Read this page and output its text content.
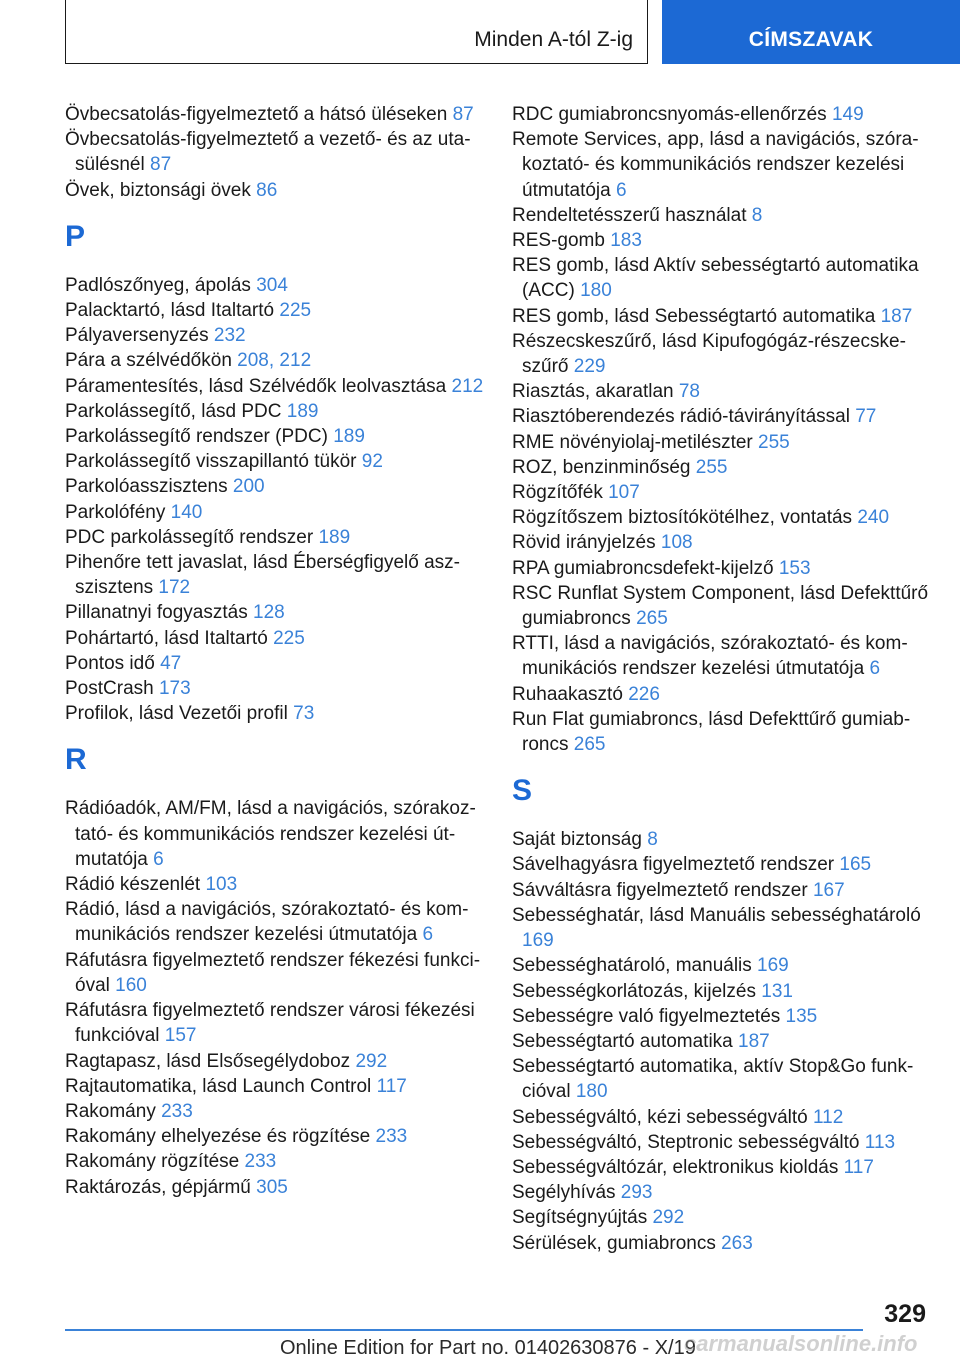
Minden A-tól Z-ig	CÍMSZAVAK
Övbecsatolás-figyelmeztető a hátsó üléseken 87
Övbecsatolás-figyelmeztető a vezető- és az utasülésnél 87
Övek, biztonsági övek 86
P
Padlószőnyeg, ápolás 304
Palacktartó, lásd Italtartó 225
Pályaversenyzés 232
Pára a szélvédőkön 208, 212
Páramentesítés, lásd Szélvédők leolvasztása 212
Parkolássegítő, lásd PDC 189
Parkolássegítő rendszer (PDC) 189
Parkolássegítő visszapillantó tükör 92
Parkolóasszisztens 200
Parkolófény 140
PDC parkolássegítő rendszer 189
Pihenőre tett javaslat, lásd Éberségfigyelő aszszisztens 172
Pillanatnyi fogyasztás 128
Pohártartó, lásd Italtartó 225
Pontos idő 47
PostCrash 173
Profilok, lásd Vezetői profil 73
R
Rádióadók, AM/FM, lásd a navigációs, szórakoztató- és kommunikációs rendszer kezelési útmutatója 6
Rádió készenlét 103
Rádió, lásd a navigációs, szórakoztató- és kommunikációs rendszer kezelési útmutatója 6
Ráfutásra figyelmeztető rendszer fékezési funkcióval 160
Ráfutásra figyelmeztető rendszer városi fékezési funkcióval 157
Ragtapasz, lásd Elsősegélydoboz 292
Rajtautomatika, lásd Launch Control 117
Rakomány 233
Rakomány elhelyezése és rögzítése 233
Rakomány rögzítése 233
Raktározás, gépjármű 305
RDC gumiabroncsnyomás-ellenőrzés 149
Remote Services, app, lásd a navigációs, szórakoztató- és kommunikációs rendszer kezelési útmutatója 6
Rendeltetésszerű használat 8
RES-gomb 183
RES gomb, lásd Aktív sebességtartó automatika (ACC) 180
RES gomb, lásd Sebességtartó automatika 187
Részecskeszűrő, lásd Kipufogógáz-részecskeszűrő 229
Riasztás, akaratlan 78
Riasztóberendezés rádió-távirányítással 77
RME növényiolaj-metilészter 255
ROZ, benzinminőség 255
Rögzítőfék 107
Rögzítőszem biztosítókötélhez, vontatás 240
Rövid irányjelzés 108
RPA gumiabroncsdefekt-kijelző 153
RSC Runflat System Component, lásd Defekttűrő gumiabroncs 265
RTTI, lásd a navigációs, szórakoztató- és kommunikációs rendszer kezelési útmutatója 6
Ruhaakasztó 226
Run Flat gumiabroncs, lásd Defekttűrő gumiabroncs 265
S
Saját biztonság 8
Sávelhagyásra figyelmeztető rendszer 165
Sávváltásra figyelmeztető rendszer 167
Sebességhatár, lásd Manuális sebességhatároló 169
Sebességhatároló, manuális 169
Sebességkorlátozás, kijelzés 131
Sebességre való figyelmeztetés 135
Sebességtartó automatika 187
Sebességtartó automatika, aktív Stop&Go funkcióval 180
Sebességváltó, kézi sebességváltó 112
Sebességváltó, Steptronic sebességváltó 113
Sebességváltózár, elektronikus kioldás 117
Segélyhívás 293
Segítségnyújtás 292
Sérülések, gumiabroncs 263
329
Online Edition for Part no. 01402630876 - X/19
carmanualsonline.info
